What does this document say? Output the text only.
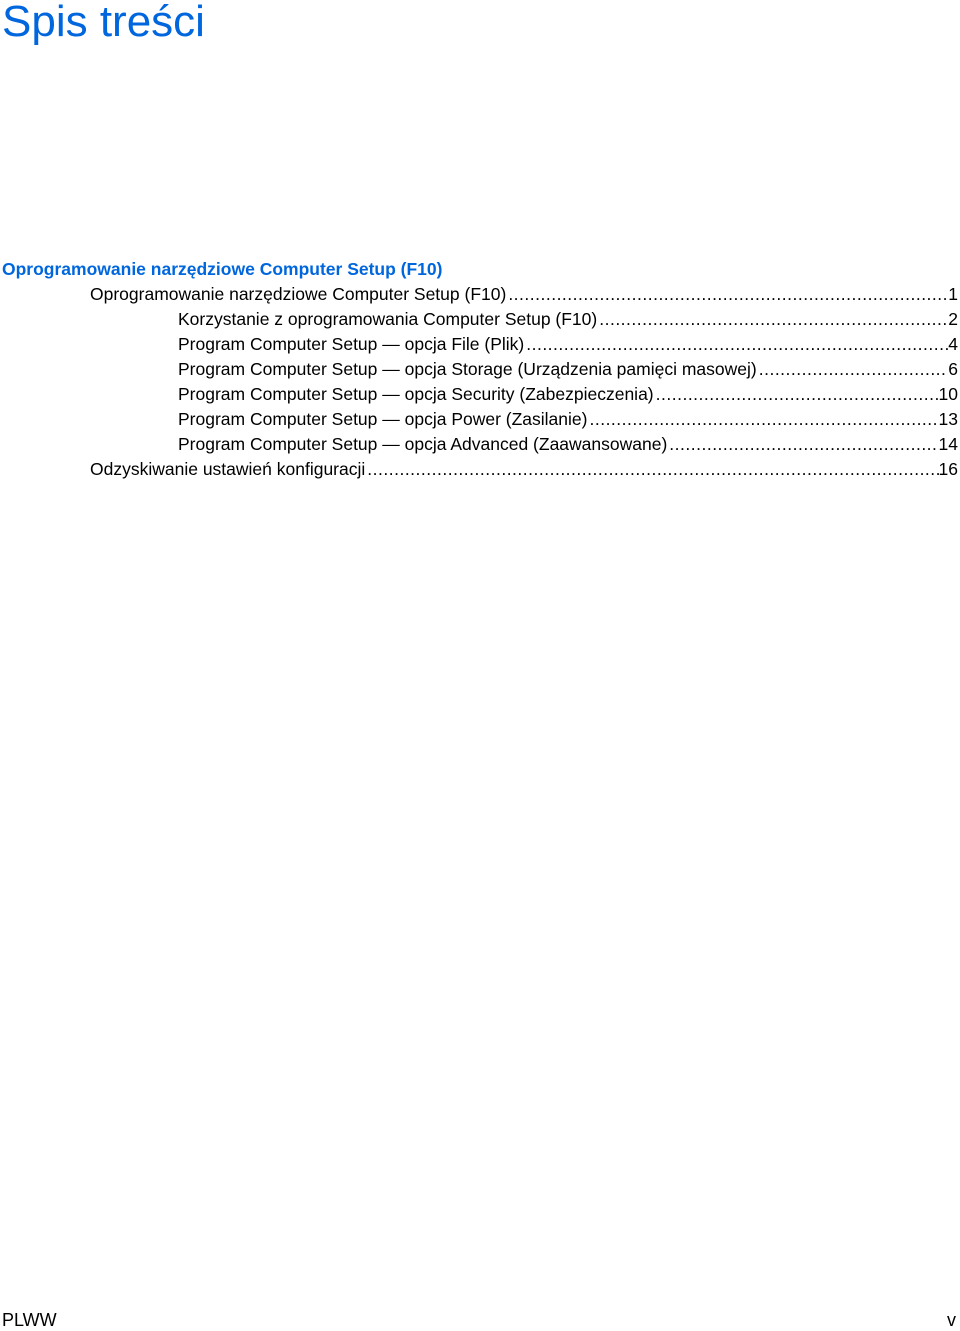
Spis treści
Oprogramowanie narzędziowe Computer Setup (F10)
Oprogramowanie narzędziowe Computer Setup (F10) .....	1
Korzystanie z oprogramowania Computer Setup (F10) .....	2
Program Computer Setup — opcja File (Plik) .....	4
Program Computer Setup — opcja Storage (Urządzenia pamięci masowej) .....	6
Program Computer Setup — opcja Security (Zabezpieczenia) .....	10
Program Computer Setup — opcja Power (Zasilanie) .....	13
Program Computer Setup — opcja Advanced (Zaawansowane) .....	14
Odzyskiwanie ustawień konfiguracji .....	16
PLWW	v
